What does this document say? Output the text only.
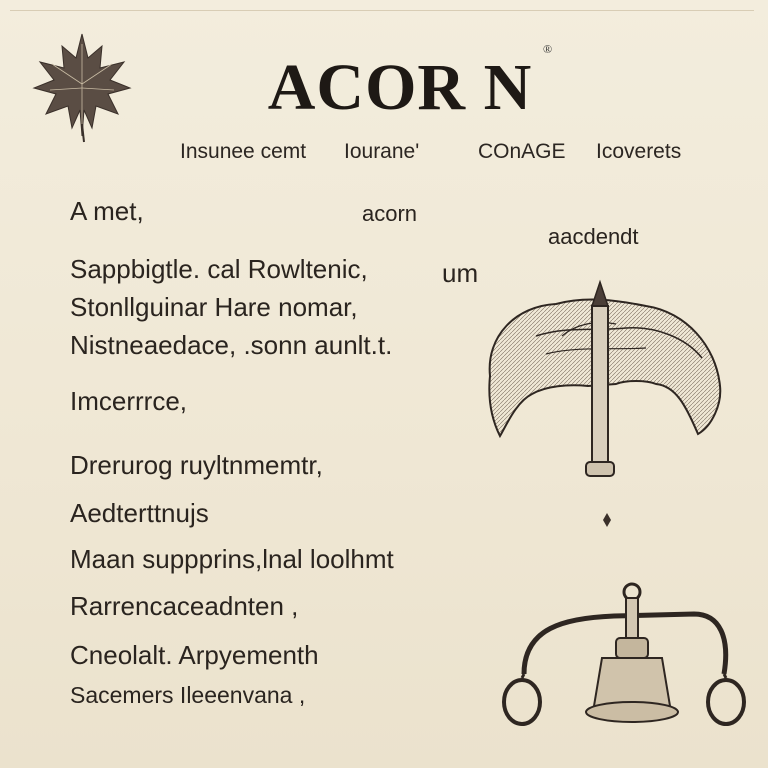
ACOR N
®
Insunee cemt Iouranе'	COnAGE Icoverets
acorn
aacdendt
A met,
Sappbigtle. cal Rowltenic,	um
Stonllguinar Hare nomar,
Nistneaedace, .sonn aunlt.t.
Imcerrrce,
Drerurog ruyltnmemtr,
Aedterttnujs
Maan suppprins,lnal loolhmt
Rarrencaceadnten ,
Cneolalt. Arpyementh
Sacemers Ileeenvana ,
